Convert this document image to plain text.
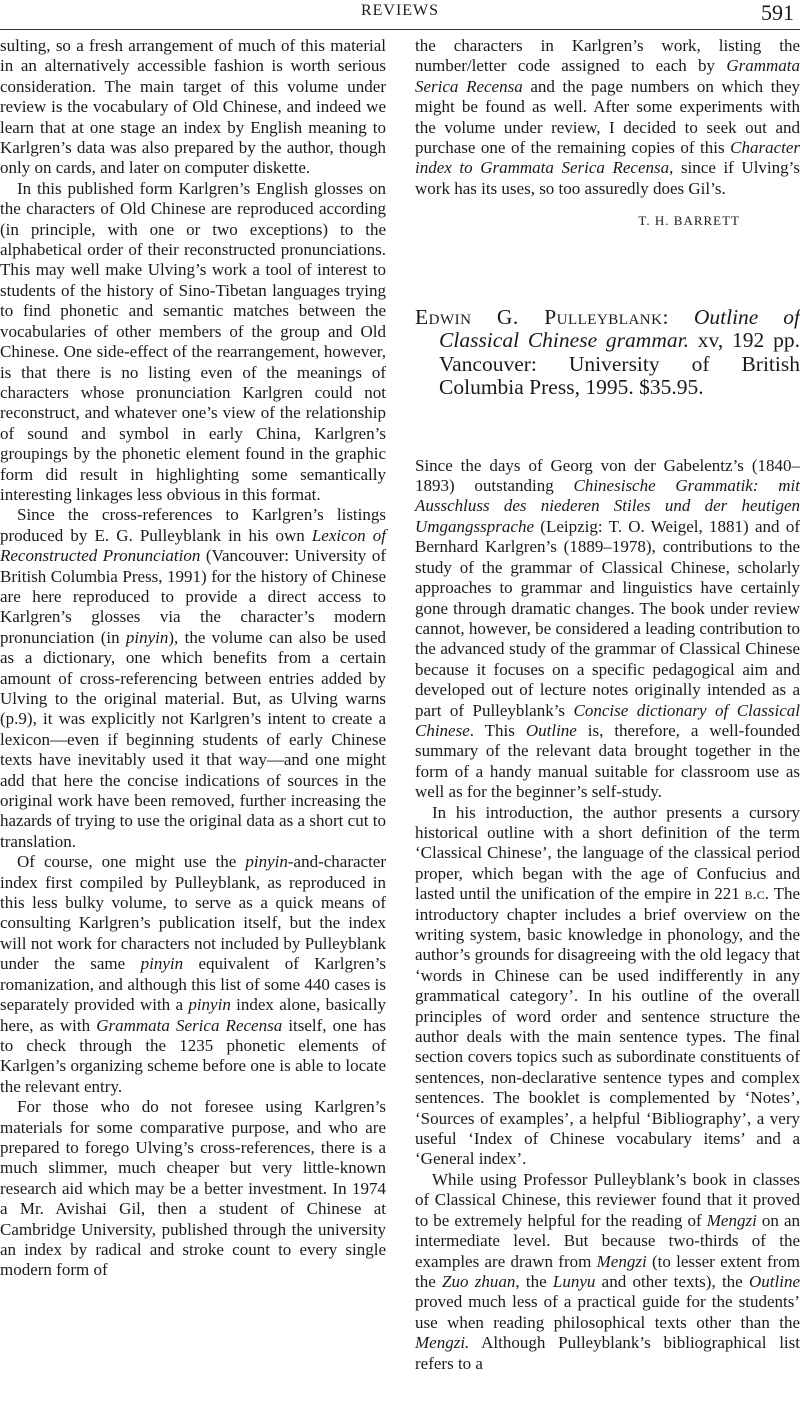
REVIEWS	591

sulting, so a fresh arrangement of much of this material in an alternatively accessible fashion is worth serious consideration. The main target of this volume under review is the vocabulary of Old Chinese, and indeed we learn that at one stage an index by English meaning to Karlgren’s data was also prepared by the author, though only on cards, and later on computer diskette.

In this published form Karlgren’s English glosses on the characters of Old Chinese are reproduced according (in principle, with one or two exceptions) to the alphabetical order of their reconstructed pronunciations. This may well make Ulving’s work a tool of interest to students of the history of Sino-Tibetan languages trying to find phonetic and semantic matches between the vocabularies of other members of the group and Old Chinese. One side-effect of the rearrangement, however, is that there is no listing even of the meanings of characters whose pronunciation Karlgren could not reconstruct, and whatever one’s view of the relationship of sound and symbol in early China, Karlgren’s groupings by the phonetic element found in the graphic form did result in highlighting some semantically interesting linkages less obvious in this format.

Since the cross-references to Karlgren’s listings produced by E. G. Pulleyblank in his own Lexicon of Reconstructed Pronunciation (Vancouver: University of British Columbia Press, 1991) for the history of Chinese are here reproduced to provide a direct access to Karlgren’s glosses via the character’s modern pronunciation (in pinyin), the volume can also be used as a dictionary, one which benefits from a certain amount of cross-referencing between entries added by Ulving to the original material. But, as Ulving warns (p.9), it was explicitly not Karlgren’s intent to create a lexicon—even if beginning students of early Chinese texts have inevitably used it that way—and one might add that here the concise indications of sources in the original work have been removed, further increasing the hazards of trying to use the original data as a short cut to translation.

Of course, one might use the pinyin-and-character index first compiled by Pulleyblank, as reproduced in this less bulky volume, to serve as a quick means of consulting Karlgren’s publication itself, but the index will not work for characters not included by Pulleyblank under the same pinyin equivalent of Karlgren’s romanization, and although this list of some 440 cases is separately provided with a pinyin index alone, basically here, as with Grammata Serica Recensa itself, one has to check through the 1235 phonetic elements of Karlgen’s organizing scheme before one is able to locate the relevant entry.

For those who do not foresee using Karlgren’s materials for some comparative purpose, and who are prepared to forego Ulving’s cross-references, there is a much slimmer, much cheaper but very little-known research aid which may be a better investment. In 1974 a Mr. Avishai Gil, then a student of Chinese at Cambridge University, published through the university an index by radical and stroke count to every single modern form of

the characters in Karlgren’s work, listing the number/letter code assigned to each by Grammata Serica Recensa and the page numbers on which they might be found as well. After some experiments with the volume under review, I decided to seek out and purchase one of the remaining copies of this Character index to Grammata Serica Recensa, since if Ulving’s work has its uses, so too assuredly does Gil’s.

T. H. BARRETT
Edwin G. Pulleyblank: Outline of Classical Chinese grammar. xv, 192 pp. Vancouver: University of British Columbia Press, 1995. $35.95.

Since the days of Georg von der Gabelentz’s (1840–1893) outstanding Chinesische Grammatik: mit Ausschluss des niederen Stiles und der heutigen Umgangssprache (Leipzig: T. O. Weigel, 1881) and of Bernhard Karlgren’s (1889–1978), contributions to the study of the grammar of Classical Chinese, scholarly approaches to grammar and linguistics have certainly gone through dramatic changes. The book under review cannot, however, be considered a leading contribution to the advanced study of the grammar of Classical Chinese because it focuses on a specific pedagogical aim and developed out of lecture notes originally intended as a part of Pulleyblank’s Concise dictionary of Classical Chinese. This Outline is, therefore, a well-founded summary of the relevant data brought together in the form of a handy manual suitable for classroom use as well as for the beginner’s self-study.

In his introduction, the author presents a cursory historical outline with a short definition of the term ‘Classical Chinese’, the language of the classical period proper, which began with the age of Confucius and lasted until the unification of the empire in 221 b.c. The introductory chapter includes a brief overview on the writing system, basic knowledge in phonology, and the author’s grounds for disagreeing with the old legacy that ‘words in Chinese can be used indifferently in any grammatical category’. In his outline of the overall principles of word order and sentence structure the author deals with the main sentence types. The final section covers topics such as subordinate constituents of sentences, non-declarative sentence types and complex sentences. The booklet is complemented by ‘Notes’, ‘Sources of examples’, a helpful ‘Bibliography’, a very useful ‘Index of Chinese vocabulary items’ and a ‘General index’.

While using Professor Pulleyblank’s book in classes of Classical Chinese, this reviewer found that it proved to be extremely helpful for the reading of Mengzi on an intermediate level. But because two-thirds of the examples are drawn from Mengzi (to lesser extent from the Zuo zhuan, the Lunyu and other texts), the Outline proved much less of a practical guide for the students’ use when reading philosophical texts other than the Mengzi. Although Pulleyblank’s bibliographical list refers to a
